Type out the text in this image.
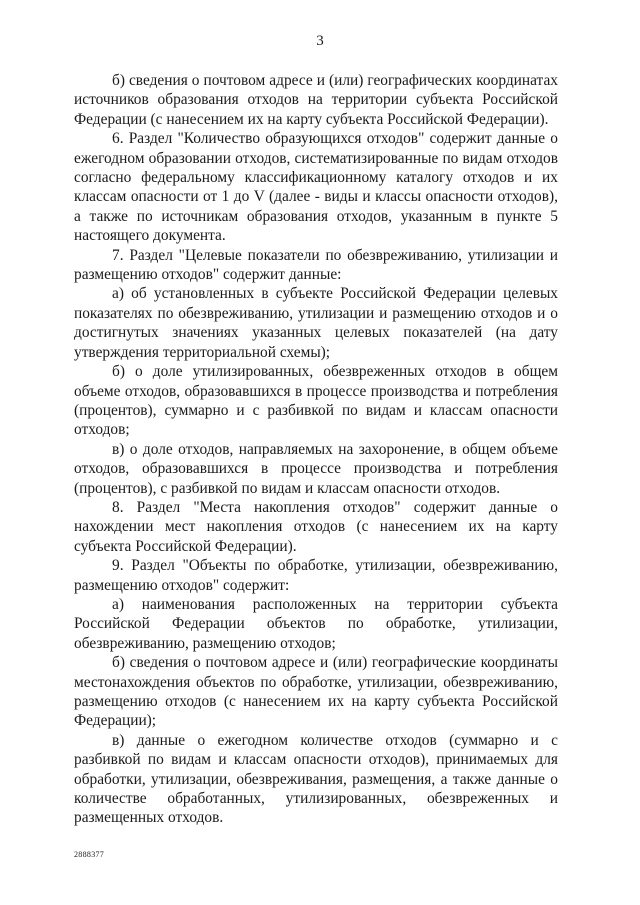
3

б) сведения о почтовом адресе и (или) географических координатах источников образования отходов на территории субъекта Российской Федерации (с нанесением их на карту субъекта Российской Федерации).

6. Раздел "Количество образующихся отходов" содержит данные о ежегодном образовании отходов, систематизированные по видам отходов согласно федеральному классификационному каталогу отходов и их классам опасности от 1 до V (далее - виды и классы опасности отходов), а также по источникам образования отходов, указанным в пункте 5 настоящего документа.

7. Раздел "Целевые показатели по обезвреживанию, утилизации и размещению отходов" содержит данные:

а) об установленных в субъекте Российской Федерации целевых показателях по обезвреживанию, утилизации и размещению отходов и о достигнутых значениях указанных целевых показателей (на дату утверждения территориальной схемы);

б) о доле утилизированных, обезвреженных отходов в общем объеме отходов, образовавшихся в процессе производства и потребления (процентов), суммарно и с разбивкой по видам и классам опасности отходов;

в) о доле отходов, направляемых на захоронение, в общем объеме отходов, образовавшихся в процессе производства и потребления (процентов), с разбивкой по видам и классам опасности отходов.

8. Раздел "Места накопления отходов" содержит данные о нахождении мест накопления отходов (с нанесением их на карту субъекта Российской Федерации).

9. Раздел "Объекты по обработке, утилизации, обезвреживанию, размещению отходов" содержит:

а) наименования расположенных на территории субъекта Российской Федерации объектов по обработке, утилизации, обезвреживанию, размещению отходов;

б) сведения о почтовом адресе и (или) географические координаты местонахождения объектов по обработке, утилизации, обезвреживанию, размещению отходов (с нанесением их на карту субъекта Российской Федерации);

в) данные о ежегодном количестве отходов (суммарно и с разбивкой по видам и классам опасности отходов), принимаемых для обработки, утилизации, обезвреживания, размещения, а также данные о количестве обработанных, утилизированных, обезвреженных и размещенных отходов.

2888377
